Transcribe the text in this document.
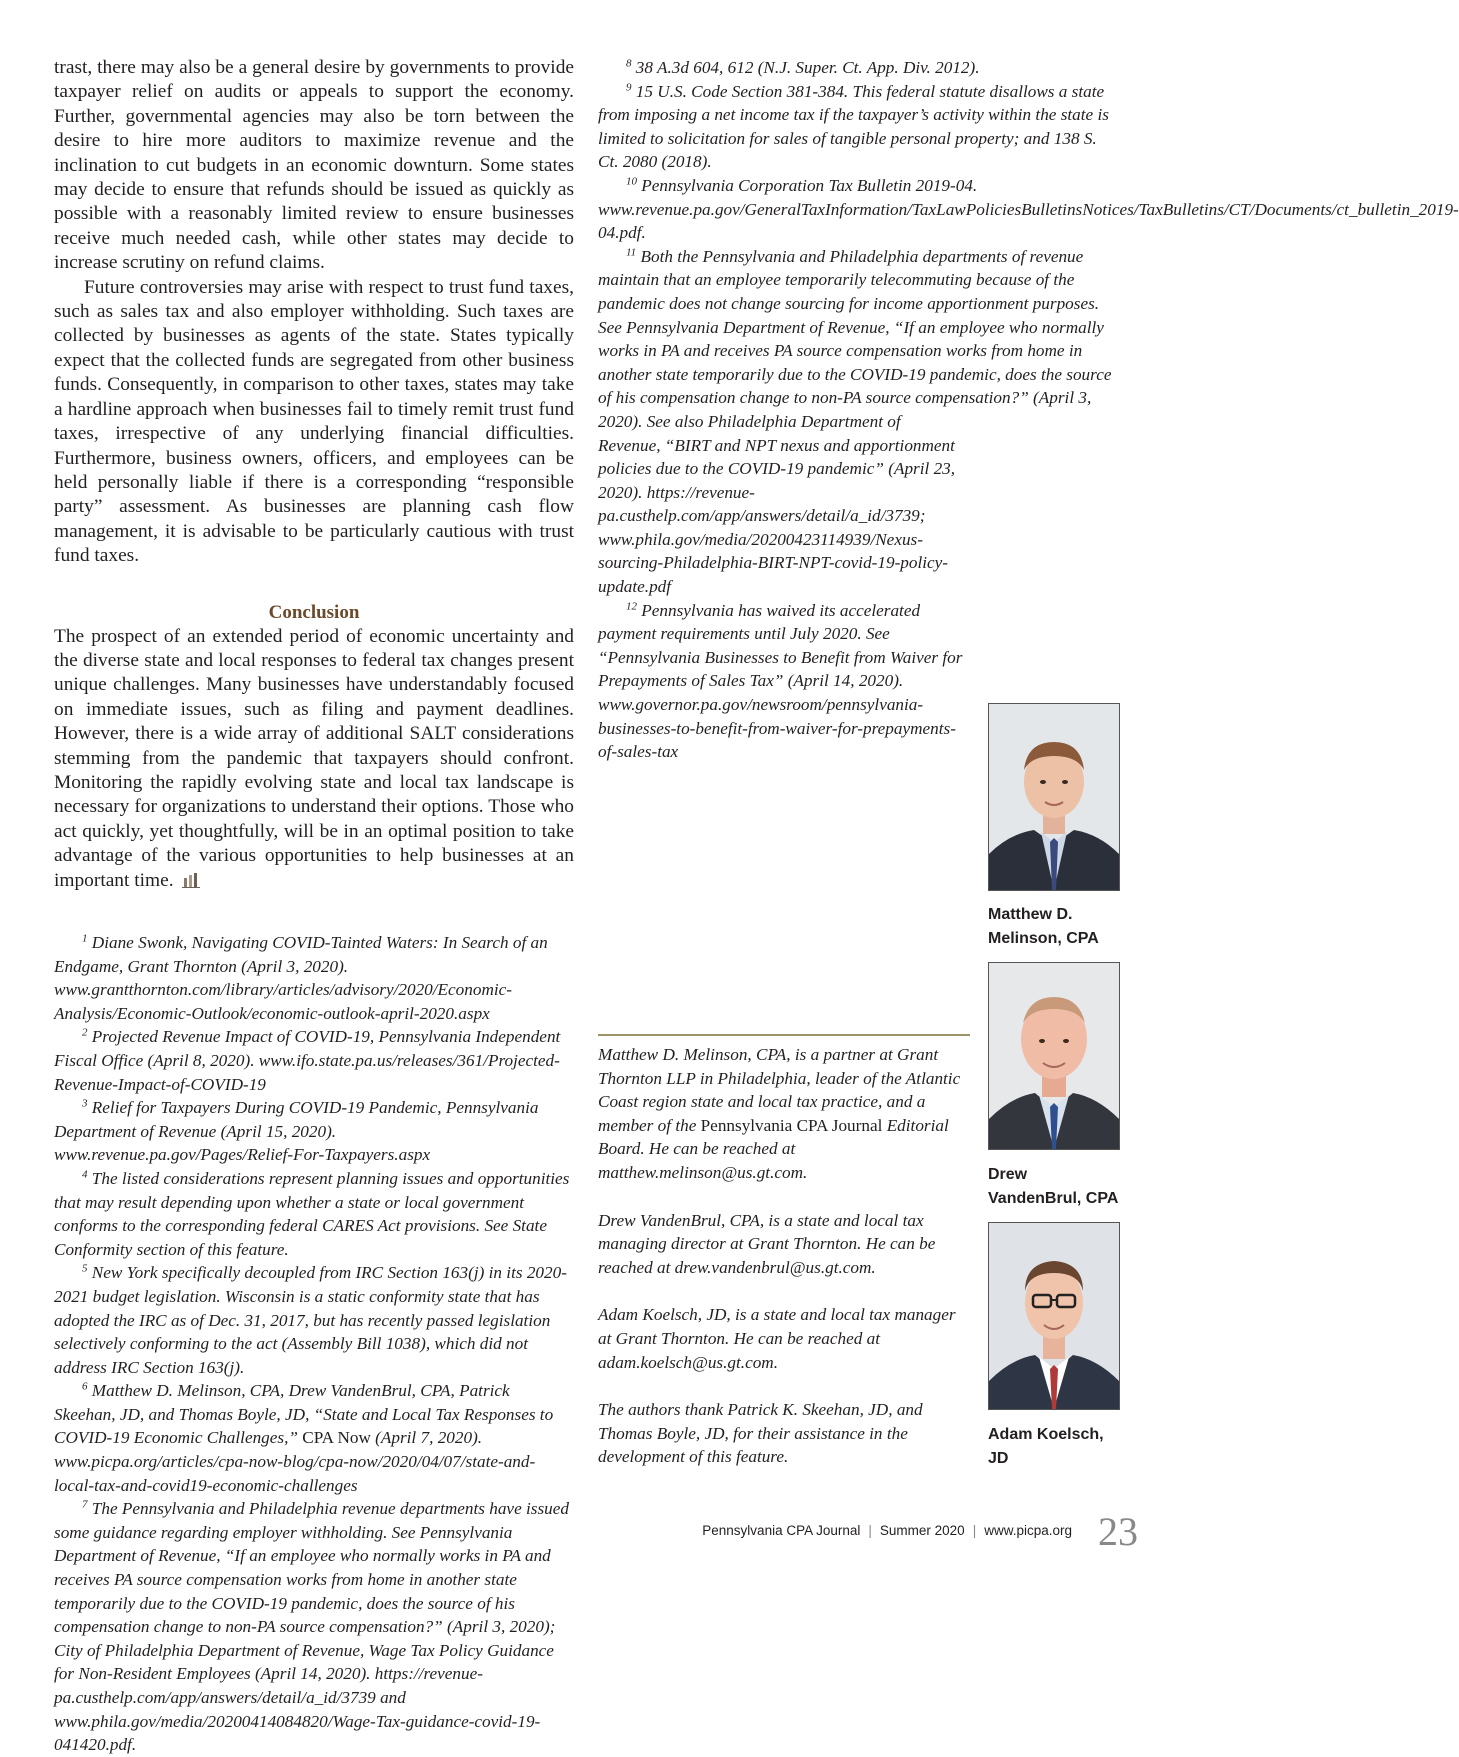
trast, there may also be a general desire by governments to provide taxpayer relief on audits or appeals to support the economy. Further, governmental agencies may also be torn between the desire to hire more auditors to maximize revenue and the inclination to cut budgets in an economic downturn. Some states may decide to ensure that refunds should be issued as quickly as possible with a reasonably limited review to ensure businesses receive much needed cash, while other states may decide to increase scrutiny on refund claims.

Future controversies may arise with respect to trust fund taxes, such as sales tax and also employer withholding. Such taxes are collected by businesses as agents of the state. States typically expect that the collected funds are segregated from other business funds. Consequently, in comparison to other taxes, states may take a hardline approach when businesses fail to timely remit trust fund taxes, irrespective of any underlying financial difficulties. Furthermore, business owners, officers, and employees can be held personally liable if there is a corresponding “responsible party” assessment. As businesses are planning cash flow management, it is advisable to be particularly cautious with trust fund taxes.

Conclusion

The prospect of an extended period of economic uncertainty and the diverse state and local responses to federal tax changes present unique challenges. Many businesses have understandably focused on immediate issues, such as filing and payment deadlines. However, there is a wide array of additional SALT considerations stemming from the pandemic that taxpayers should confront. Monitoring the rapidly evolving state and local tax landscape is necessary for organizations to understand their options. Those who act quickly, yet thoughtfully, will be in an optimal position to take advantage of the various opportunities to help businesses at an important time.

$^1$ Diane Swonk, Navigating COVID-Tainted Waters: In Search of an Endgame, Grant Thornton (April 3, 2020). www.grantthornton.com/library/articles/advisory/2020/Economic-Analysis/Economic-Outlook/economic-outlook-april-2020.aspx

$^2$ Projected Revenue Impact of COVID-19, Pennsylvania Independent Fiscal Office (April 8, 2020). www.ifo.state.pa.us/releases/361/Projected-Revenue-Impact-of-COVID-19

$^3$ Relief for Taxpayers During COVID-19 Pandemic, Pennsylvania Department of Revenue (April 15, 2020). www.revenue.pa.gov/Pages/Relief-For-Taxpayers.aspx

$^4$ The listed considerations represent planning issues and opportunities that may result depending upon whether a state or local government conforms to the corresponding federal CARES Act provisions. See State Conformity section of this feature.

$^5$ New York specifically decoupled from IRC Section 163(j) in its 2020-2021 budget legislation. Wisconsin is a static conformity state that has adopted the IRC as of Dec. 31, 2017, but has recently passed legislation selectively conforming to the act (Assembly Bill 1038), which did not address IRC Section 163(j).

$^6$ Matthew D. Melinson, CPA, Drew VandenBrul, CPA, Patrick Skeehan, JD, and Thomas Boyle, JD, “State and Local Tax Responses to COVID-19 Economic Challenges,” CPA Now (April 7, 2020). www.picpa.org/articles/cpa-now-blog/cpa-now/2020/04/07/state-and-local-tax-and-covid19-economic-challenges

$^7$ The Pennsylvania and Philadelphia revenue departments have issued some guidance regarding employer withholding. See Pennsylvania Department of Revenue, “If an employee who normally works in PA and receives PA source compensation works from home in another state temporarily due to the COVID-19 pandemic, does the source of his compensation change to non-PA source compensation?” (April 3, 2020); City of Philadelphia Department of Revenue, Wage Tax Policy Guidance for Non-Resident Employees (April 14, 2020). https://revenue-pa.custhelp.com/app/answers/detail/a_id/3739 and www.phila.gov/media/20200414084820/Wage-Tax-guidance-covid-19-041420.pdf.

$^8$ 38 A.3d 604, 612 (N.J. Super. Ct. App. Div. 2012).

$^9$ 15 U.S. Code Section 381-384. This federal statute disallows a state from imposing a net income tax if the taxpayer’s activity within the state is limited to solicitation for sales of tangible personal property; and 138 S. Ct. 2080 (2018).

$^{10}$ Pennsylvania Corporation Tax Bulletin 2019-04. www.revenue.pa.gov/GeneralTaxInformation/TaxLawPoliciesBulletinsNotices/TaxBulletins/CT/Documents/ct_bulletin_2019-04.pdf.

$^{11}$ Both the Pennsylvania and Philadelphia departments of revenue maintain that an employee temporarily telecommuting because of the pandemic does not change sourcing for income apportionment purposes. See Pennsylvania Department of Revenue, “If an employee who normally works in PA and receives PA source compensation works from home in another state temporarily due to the COVID-19 pandemic, does the source of his compensation change to non-PA source compensation?” (April 3, 2020). See also Philadelphia Department of

Revenue, “BIRT and NPT nexus and apportionment policies due to the COVID-19 pandemic” (April 23, 2020). https://revenue-pa.custhelp.com/app/answers/detail/a_id/3739; www.phila.gov/media/20200423114939/Nexus-sourcing-Philadelphia-BIRT-NPT-covid-19-policy-update.pdf

$^{12}$ Pennsylvania has waived its accelerated payment requirements until July 2020. See “Pennsylvania Businesses to Benefit from Waiver for Prepayments of Sales Tax” (April 14, 2020). www.governor.pa.gov/newsroom/pennsylvania-businesses-to-benefit-from-waiver-for-prepayments-of-sales-tax

Matthew D. Melinson, CPA, is a partner at Grant Thornton LLP in Philadelphia, leader of the Atlantic Coast region state and local tax practice, and a member of the Pennsylvania CPA Journal Editorial Board. He can be reached at matthew.melinson@us.gt.com.

Drew VandenBrul, CPA, is a state and local tax managing director at Grant Thornton. He can be reached at drew.vandenbrul@us.gt.com.

Adam Koelsch, JD, is a state and local tax manager at Grant Thornton. He can be reached at adam.koelsch@us.gt.com.

The authors thank Patrick K. Skeehan, JD, and Thomas Boyle, JD, for their assistance in the development of this feature.

Matthew D.
Melinson, CPA
Drew
VandenBrul, CPA
Adam Koelsch,
JD
Pennsylvania CPA Journal | Summer 2020 | www.picpa.org 23
